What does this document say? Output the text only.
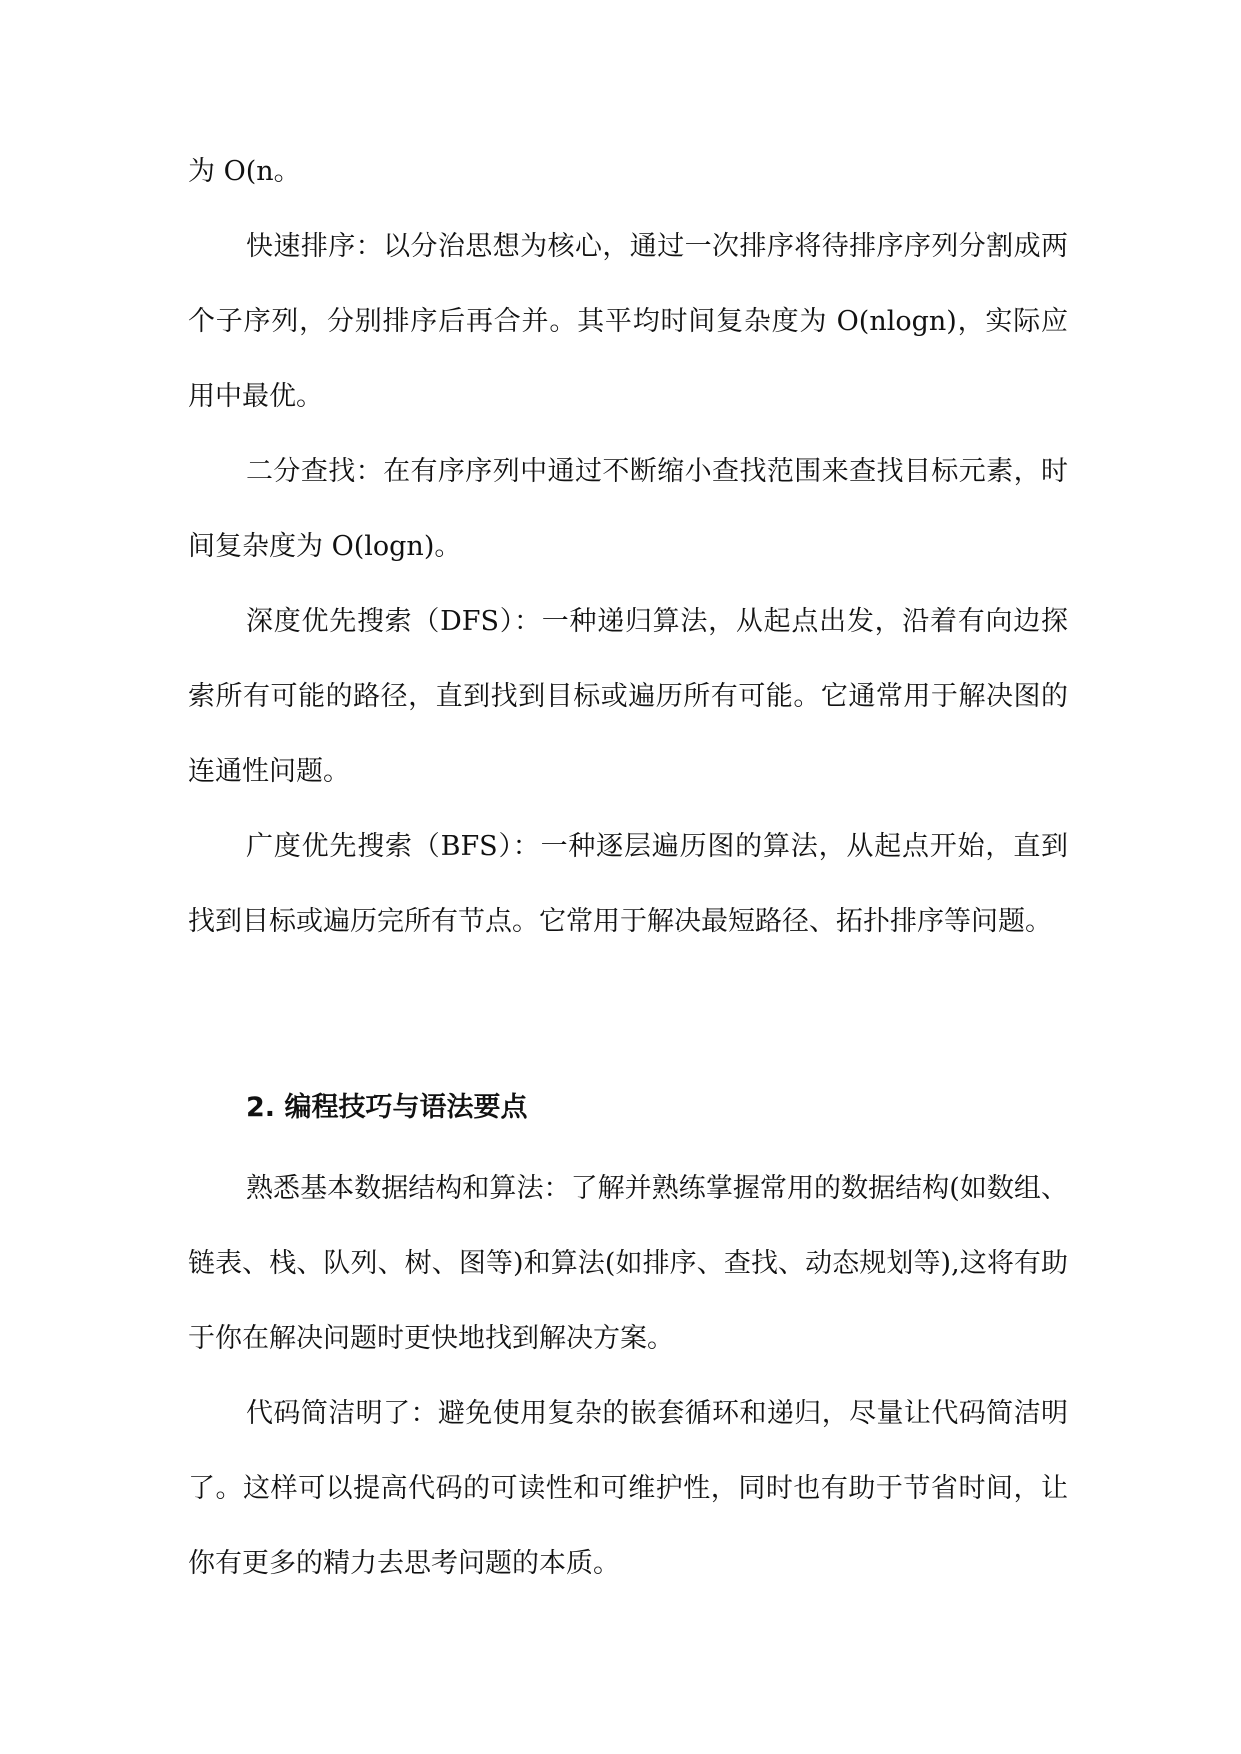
为 O(n。

快速排序：以分治思想为核心，通过一次排序将待排序序列分割成两个子序列，分别排序后再合并。其平均时间复杂度为 O(nlogn)，实际应用中最优。

二分查找：在有序序列中通过不断缩小查找范围来查找目标元素，时间复杂度为 O(logn)。

深度优先搜索（DFS）：一种递归算法，从起点出发，沿着有向边探索所有可能的路径，直到找到目标或遍历所有可能。它通常用于解决图的连通性问题。

广度优先搜索（BFS）：一种逐层遍历图的算法，从起点开始，直到找到目标或遍历完所有节点。它常用于解决最短路径、拓扑排序等问题。

2. 编程技巧与语法要点

熟悉基本数据结构和算法：了解并熟练掌握常用的数据结构(如数组、链表、栈、队列、树、图等)和算法(如排序、查找、动态规划等),这将有助于你在解决问题时更快地找到解决方案。

代码简洁明了：避免使用复杂的嵌套循环和递归，尽量让代码简洁明了。这样可以提高代码的可读性和可维护性，同时也有助于节省时间，让你有更多的精力去思考问题的本质。
